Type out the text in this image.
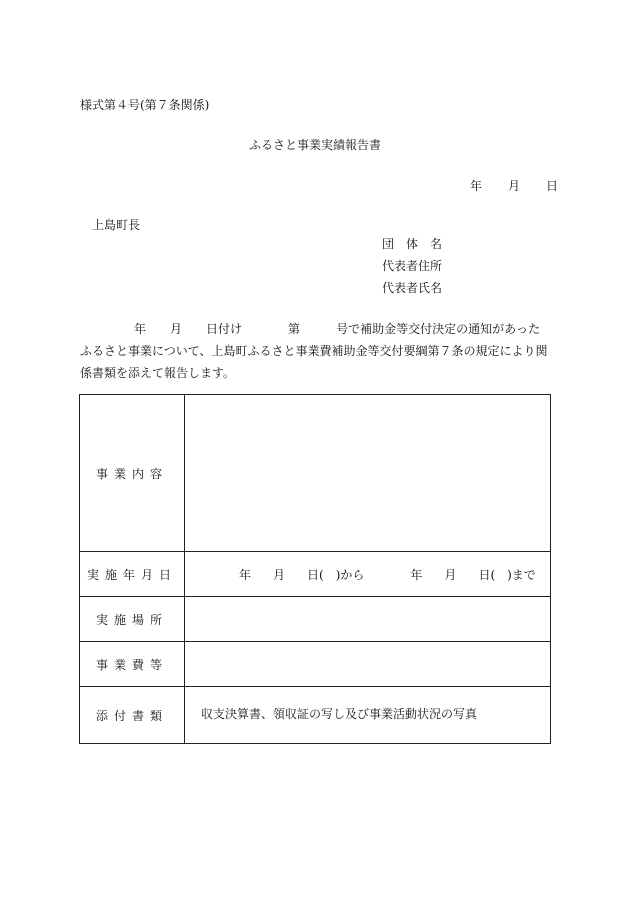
様式第４号(第７条関係)
ふるさと事業実績報告書
年 月 日
上島町長
団　体　名
代表者住所
代表者氏名
年 月 日付け	第	号で補助金等交付決定の通知があったふるさと事業について、上島町ふるさと事業費補助金等交付要綱第７条の規定により関係書類を添えて報告します。
事業内容	
実施年月日	年 月 日(　)から 年 月 日(　)まで
実施場所	
事業費等	
添付書類	収支決算書、領収証の写し及び事業活動状況の写真
